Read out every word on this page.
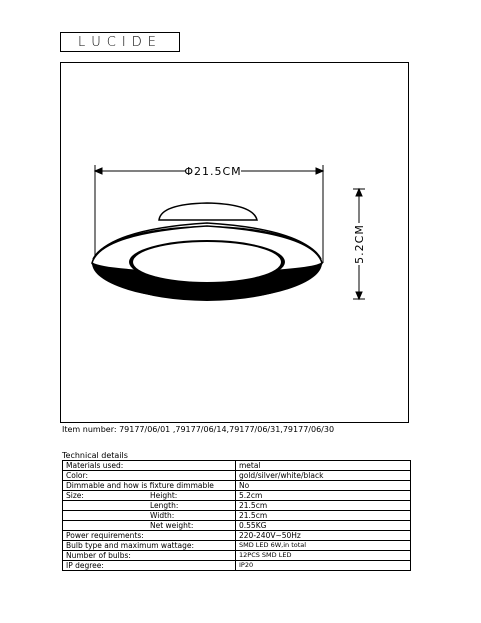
L U C I D E
Φ21.5CM
5.2CM
Item number: 79177/06/01 ,79177/06/14,79177/06/31,79177/06/30
Technical details
Materials used:	metal
Color:	gold/silver/white/black
Dimmable and how is fixture dimmable	No
Size: Height:	5.2cm
Length:	21.5cm
Width:	21.5cm
Net weight:	0.55KG
Power requirements:	220-240V~50Hz
Bulb type and maximum wattage:	SMD LED 6W,in total
Number of bulbs:	12PCS SMD LED
IP degree:	IP20
